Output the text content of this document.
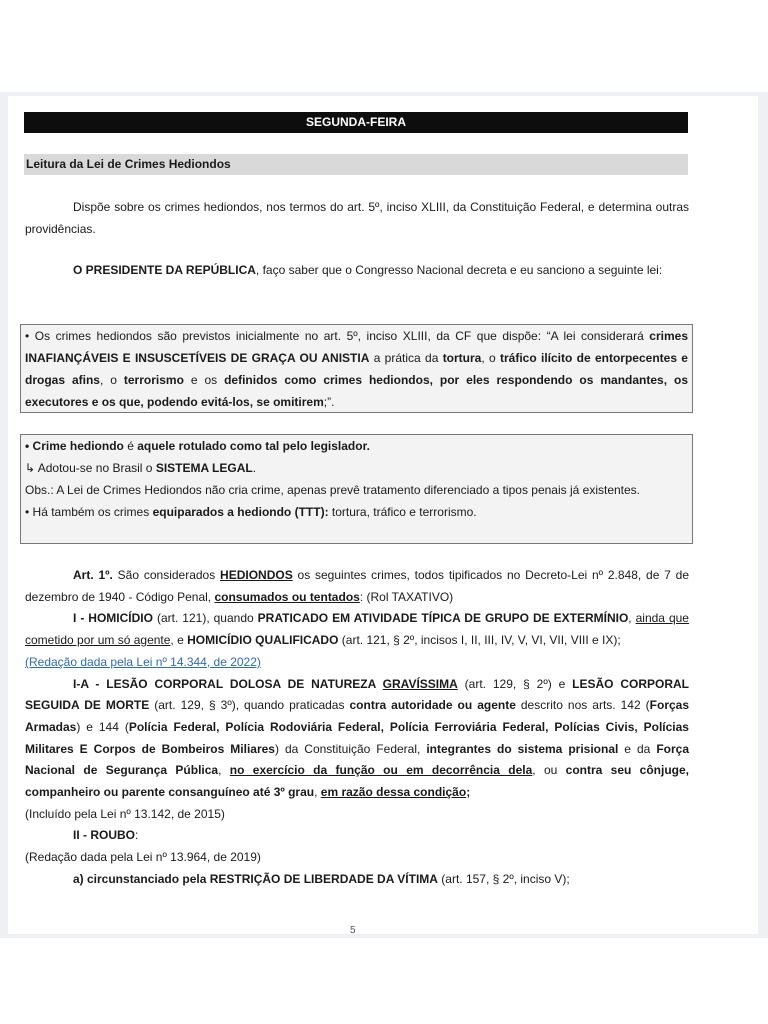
SEGUNDA-FEIRA
Leitura da Lei de Crimes Hediondos
Dispõe sobre os crimes hediondos, nos termos do art. 5º, inciso XLIII, da Constituição Federal, e determina outras providências.
O PRESIDENTE DA REPÚBLICA, faço saber que o Congresso Nacional decreta e eu sanciono a seguinte lei:
• Os crimes hediondos são previstos inicialmente no art. 5º, inciso XLIII, da CF que dispõe: “A lei considerará crimes INAFIANÇÁVEIS E INSUSCETÍVEIS DE GRAÇA OU ANISTIA a prática da tortura, o tráfico ilícito de entorpecentes e drogas afins, o terrorismo e os definidos como crimes hediondos, por eles respondendo os mandantes, os executores e os que, podendo evitá-los, se omitirem;”.
• Crime hediondo é aquele rotulado como tal pelo legislador.
↳ Adotou-se no Brasil o SISTEMA LEGAL.
Obs.: A Lei de Crimes Hediondos não cria crime, apenas prevê tratamento diferenciado a tipos penais já existentes.
• Há também os crimes equiparados a hediondo (TTT): tortura, tráfico e terrorismo.
Art. 1º. São considerados HEDIONDOS os seguintes crimes, todos tipificados no Decreto-Lei nº 2.848, de 7 de dezembro de 1940 - Código Penal, consumados ou tentados: (Rol TAXATIVO)
I - HOMICÍDIO (art. 121), quando PRATICADO EM ATIVIDADE TÍPICA DE GRUPO DE EXTERMÍNIO, ainda que cometido por um só agente, e HOMICÍDIO QUALIFICADO (art. 121, § 2º, incisos I, II, III, IV, V, VI, VII, VIII e IX);
(Redação dada pela Lei nº 14.344, de 2022)
I-A - LESÃO CORPORAL DOLOSA DE NATUREZA GRAVÍSSIMA (art. 129, § 2º) e LESÃO CORPORAL SEGUIDA DE MORTE (art. 129, § 3º), quando praticadas contra autoridade ou agente descrito nos arts. 142 (Forças Armadas) e 144 (Polícia Federal, Polícia Rodoviária Federal, Polícia Ferroviária Federal, Polícias Civis, Polícias Militares E Corpos de Bombeiros Miliares) da Constituição Federal, integrantes do sistema prisional e da Força Nacional de Segurança Pública, no exercício da função ou em decorrência dela, ou contra seu cônjuge, companheiro ou parente consanguíneo até 3º grau, em razão dessa condição;
(Incluído pela Lei nº 13.142, de 2015)
II - ROUBO:
(Redação dada pela Lei nº 13.964, de 2019)
a) circunstanciado pela RESTRIÇÃO DE LIBERDADE DA VÍTIMA (art. 157, § 2º, inciso V);
5
